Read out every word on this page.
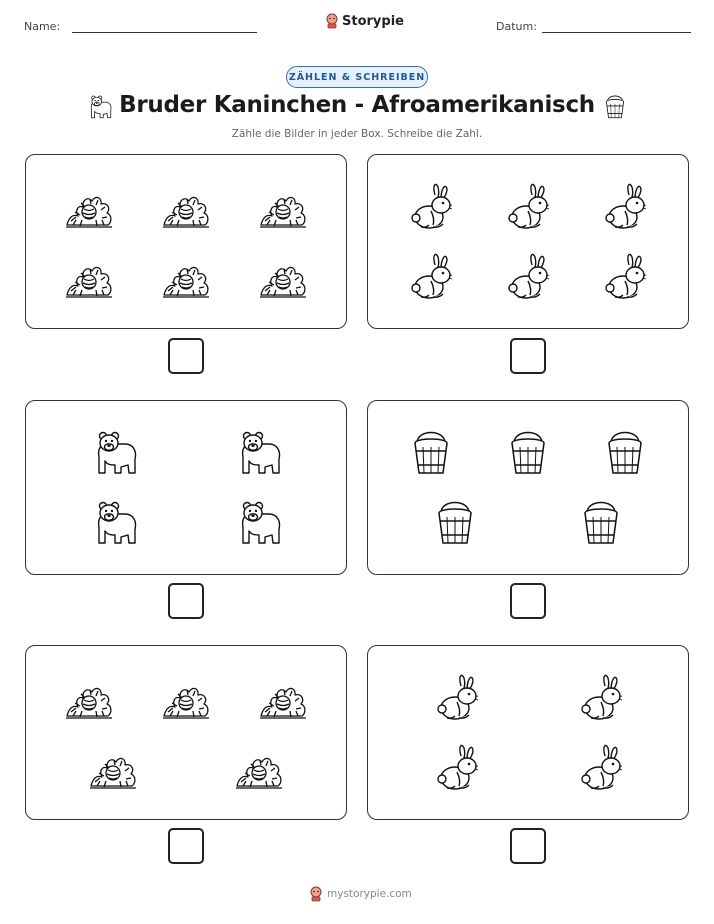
Name:	Storypie	Datum:
ZÄHLEN & SCHREIBEN
Bruder Kaninchen - Afroamerikanisch
Zähle die Bilder in jeder Box. Schreibe die Zahl.
mystorypie.com
